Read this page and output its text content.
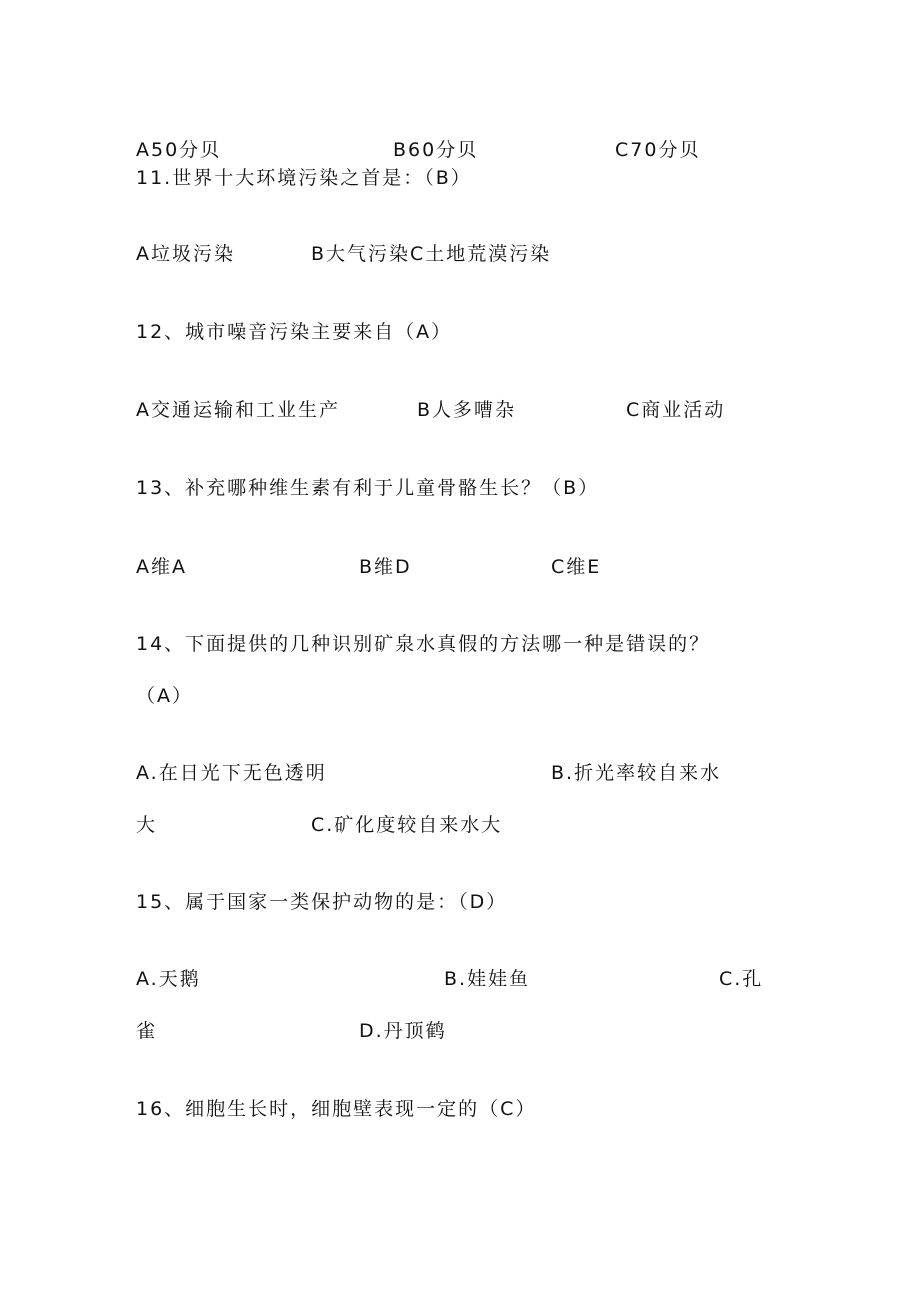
A50分贝	B60分贝	C70分贝
11.世界十大环境污染之首是：（B）
A垃圾污染	B大气污染C土地荒漠污染
12、城市噪音污染主要来自（A）
A交通运输和工业生产	B人多嘈杂	C商业活动
13、补充哪种维生素有利于儿童骨骼生长？（B）
A维A	B维D	C维E
14、下面提供的几种识别矿泉水真假的方法哪一种是错误的？
（A）
A.在日光下无色透明	B.折光率较自来水
大	C.矿化度较自来水大
15、属于国家一类保护动物的是：（D）
A.天鹅	B.娃娃鱼	C.孔
雀	D.丹顶鹤
16、细胞生长时，细胞壁表现一定的（C）
